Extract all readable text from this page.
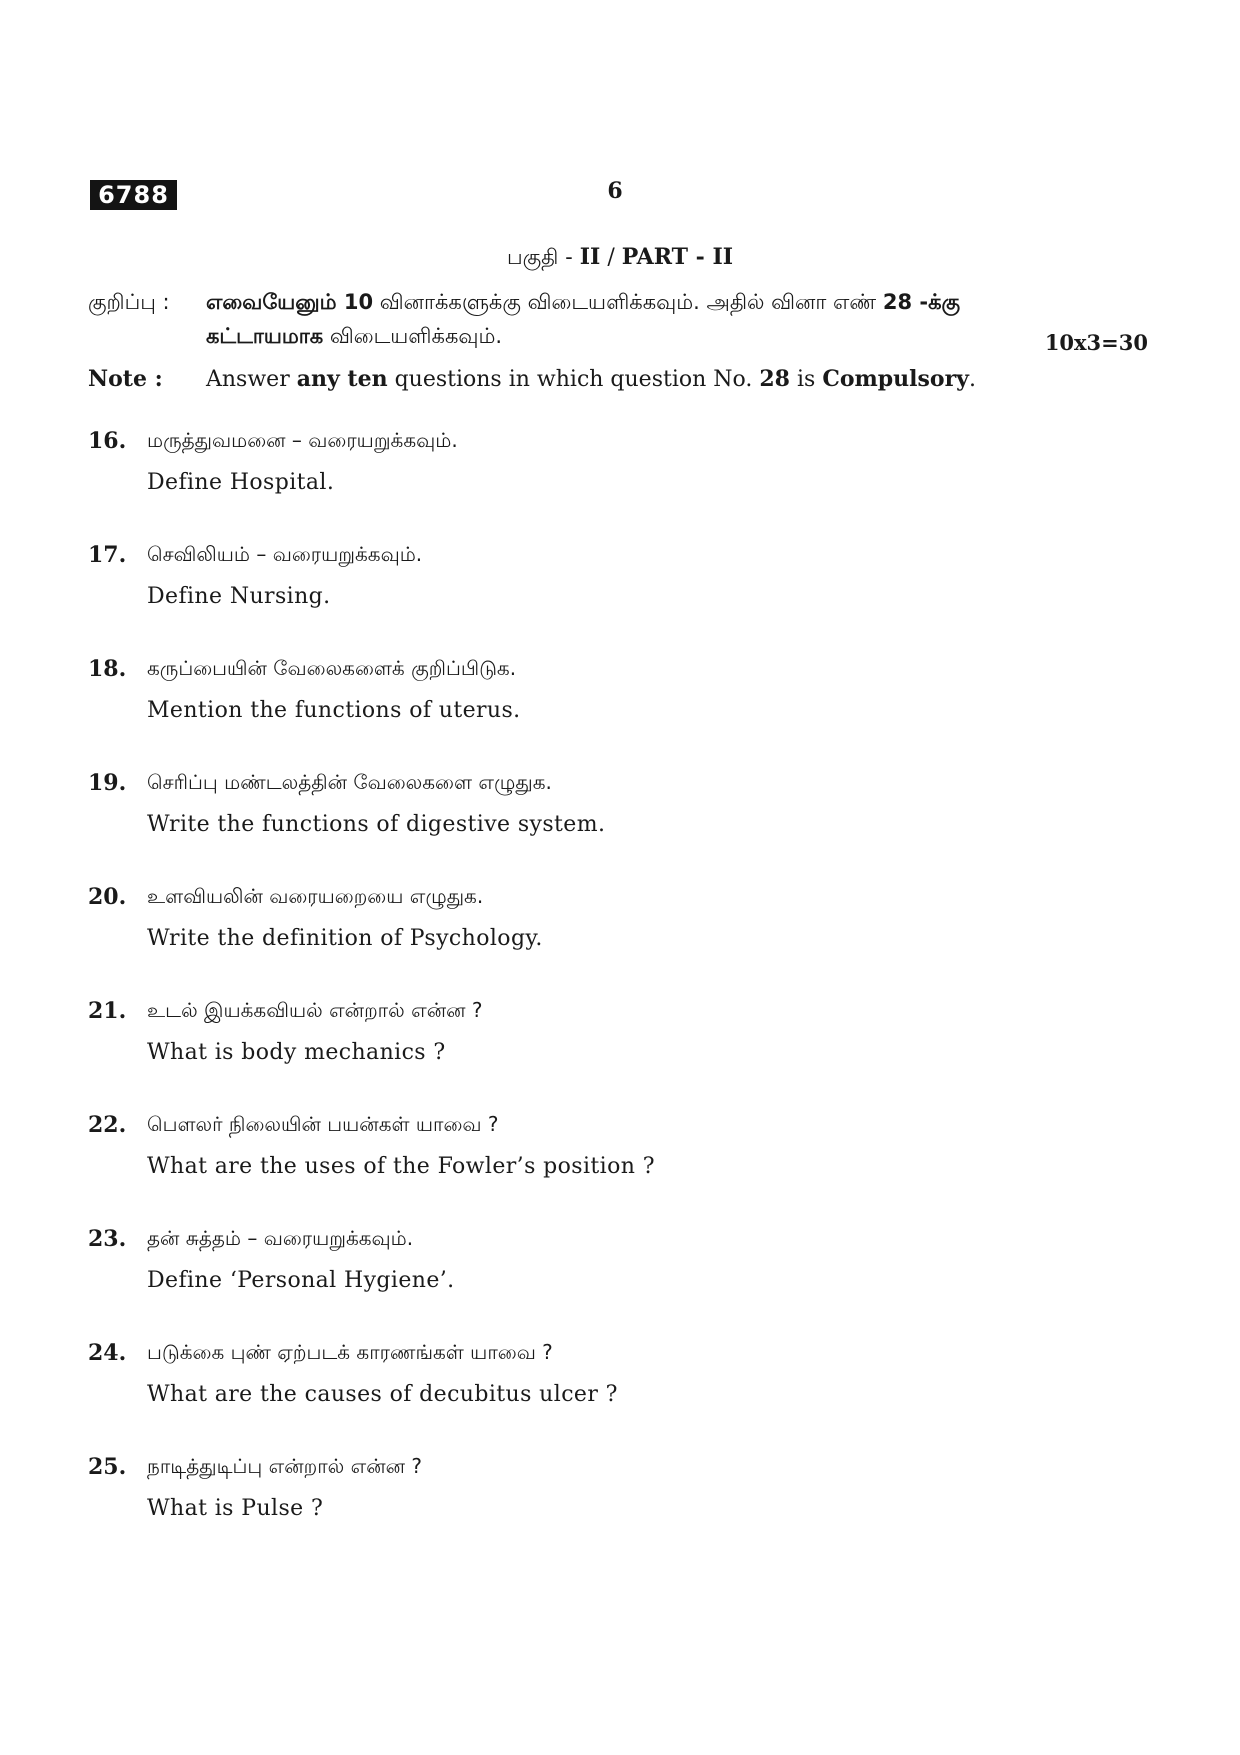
6788	6
பகுதி - II / PART - II
குறிப்பு : எவையேனும் 10 வினாக்களுக்கு விடையளிக்கவும். அதில் வினா எண் 28 -க்கு
கட்டாயமாக விடையளிக்கவும்.	10x3=30
Note : Answer any ten questions in which question No. 28 is Compulsory.
16. மருத்துவமனை – வரையறுக்கவும்.
Define Hospital.
17. செவிலியம் – வரையறுக்கவும்.
Define Nursing.
18. கருப்பையின் வேலைகளைக் குறிப்பிடுக.
Mention the functions of uterus.
19. செரிப்பு மண்டலத்தின் வேலைகளை எழுதுக.
Write the functions of digestive system.
20. உளவியலின் வரையறையை எழுதுக.
Write the definition of Psychology.
21. உடல் இயக்கவியல் என்றால் என்ன ?
What is body mechanics ?
22. பௌலர் நிலையின் பயன்கள் யாவை ?
What are the uses of the Fowler’s position ?
23. தன் சுத்தம் – வரையறுக்கவும்.
Define ‘Personal Hygiene’.
24. படுக்கை புண் ஏற்படக் காரணங்கள் யாவை ?
What are the causes of decubitus ulcer ?
25. நாடித்துடிப்பு என்றால் என்ன ?
What is Pulse ?
